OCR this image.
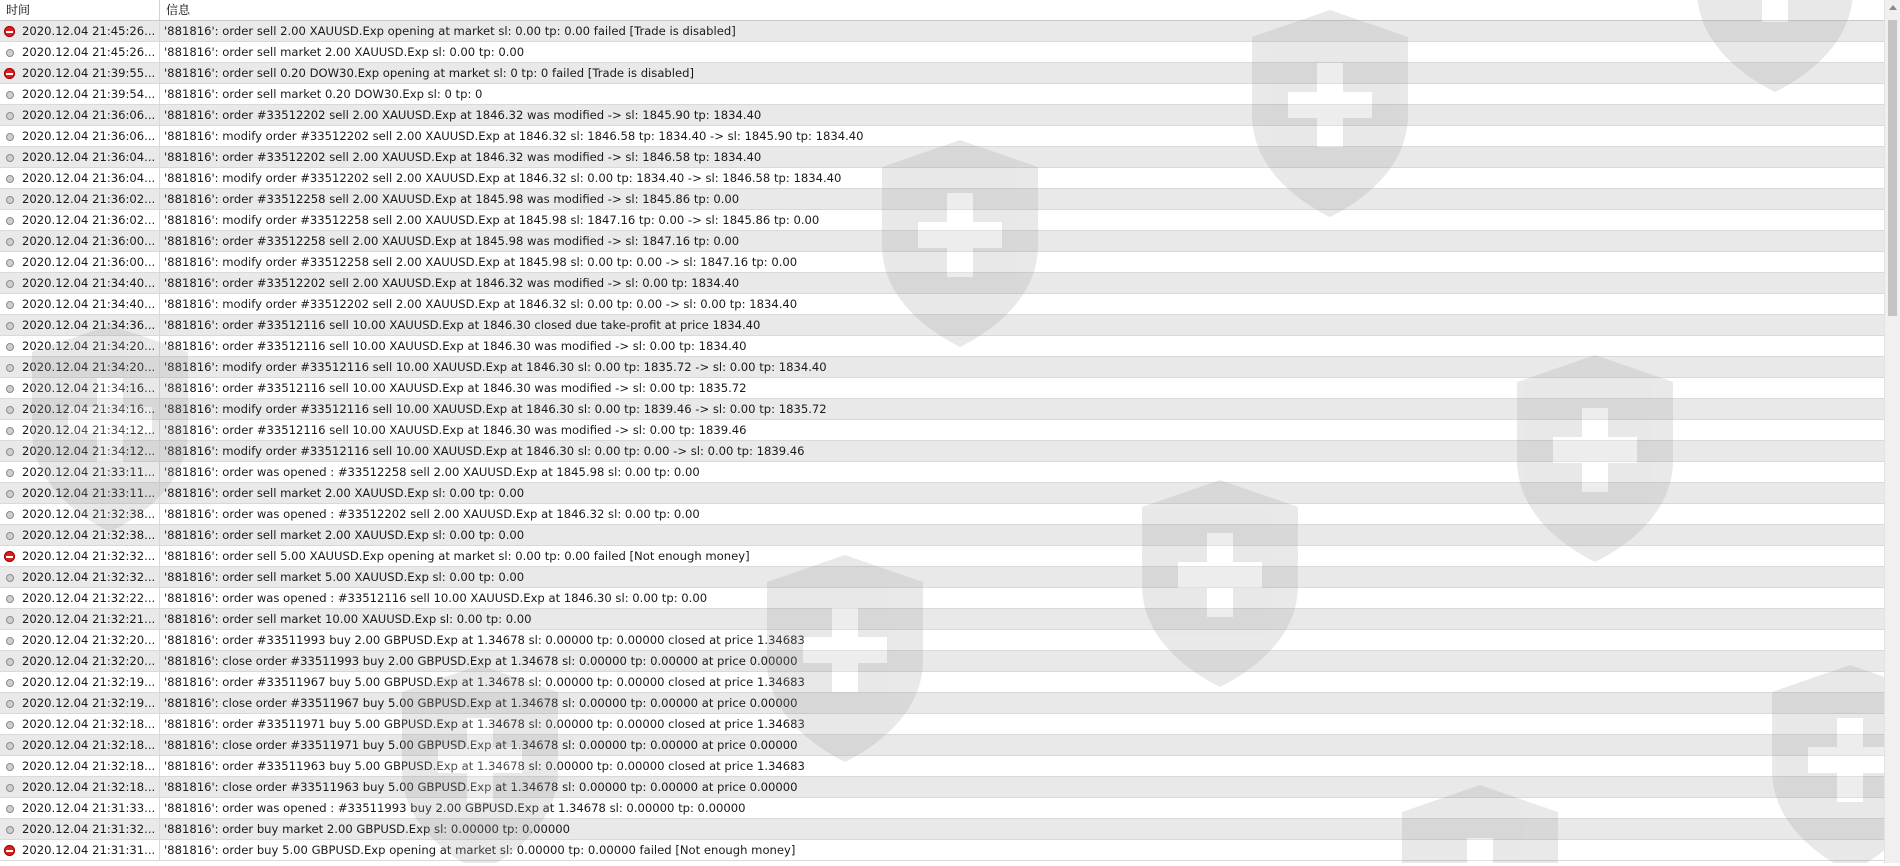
时间	信息
2020.12.04 21:45:26... '881816': order sell 2.00 XAUUSD.Exp opening at market sl: 0.00 tp: 0.00 failed [Trade is disabled]
2020.12.04 21:45:26... '881816': order sell market 2.00 XAUUSD.Exp sl: 0.00 tp: 0.00
2020.12.04 21:39:55... '881816': order sell 0.20 DOW30.Exp opening at market sl: 0 tp: 0 failed [Trade is disabled]
2020.12.04 21:39:54... '881816': order sell market 0.20 DOW30.Exp sl: 0 tp: 0
2020.12.04 21:36:06... '881816': order #33512202 sell 2.00 XAUUSD.Exp at 1846.32 was modified -> sl: 1845.90 tp: 1834.40
2020.12.04 21:36:06... '881816': modify order #33512202 sell 2.00 XAUUSD.Exp at 1846.32 sl: 1846.58 tp: 1834.40 -> sl: 1845.90 tp: 1834.40
2020.12.04 21:36:04... '881816': order #33512202 sell 2.00 XAUUSD.Exp at 1846.32 was modified -> sl: 1846.58 tp: 1834.40
2020.12.04 21:36:04... '881816': modify order #33512202 sell 2.00 XAUUSD.Exp at 1846.32 sl: 0.00 tp: 1834.40 -> sl: 1846.58 tp: 1834.40
2020.12.04 21:36:02... '881816': order #33512258 sell 2.00 XAUUSD.Exp at 1845.98 was modified -> sl: 1845.86 tp: 0.00
2020.12.04 21:36:02... '881816': modify order #33512258 sell 2.00 XAUUSD.Exp at 1845.98 sl: 1847.16 tp: 0.00 -> sl: 1845.86 tp: 0.00
2020.12.04 21:36:00... '881816': order #33512258 sell 2.00 XAUUSD.Exp at 1845.98 was modified -> sl: 1847.16 tp: 0.00
2020.12.04 21:36:00... '881816': modify order #33512258 sell 2.00 XAUUSD.Exp at 1845.98 sl: 0.00 tp: 0.00 -> sl: 1847.16 tp: 0.00
2020.12.04 21:34:40... '881816': order #33512202 sell 2.00 XAUUSD.Exp at 1846.32 was modified -> sl: 0.00 tp: 1834.40
2020.12.04 21:34:40... '881816': modify order #33512202 sell 2.00 XAUUSD.Exp at 1846.32 sl: 0.00 tp: 0.00 -> sl: 0.00 tp: 1834.40
2020.12.04 21:34:36... '881816': order #33512116 sell 10.00 XAUUSD.Exp at 1846.30 closed due take-profit at price 1834.40
2020.12.04 21:34:20... '881816': order #33512116 sell 10.00 XAUUSD.Exp at 1846.30 was modified -> sl: 0.00 tp: 1834.40
2020.12.04 21:34:20... '881816': modify order #33512116 sell 10.00 XAUUSD.Exp at 1846.30 sl: 0.00 tp: 1835.72 -> sl: 0.00 tp: 1834.40
2020.12.04 21:34:16... '881816': order #33512116 sell 10.00 XAUUSD.Exp at 1846.30 was modified -> sl: 0.00 tp: 1835.72
2020.12.04 21:34:16... '881816': modify order #33512116 sell 10.00 XAUUSD.Exp at 1846.30 sl: 0.00 tp: 1839.46 -> sl: 0.00 tp: 1835.72
2020.12.04 21:34:12... '881816': order #33512116 sell 10.00 XAUUSD.Exp at 1846.30 was modified -> sl: 0.00 tp: 1839.46
2020.12.04 21:34:12... '881816': modify order #33512116 sell 10.00 XAUUSD.Exp at 1846.30 sl: 0.00 tp: 0.00 -> sl: 0.00 tp: 1839.46
2020.12.04 21:33:11... '881816': order was opened : #33512258 sell 2.00 XAUUSD.Exp at 1845.98 sl: 0.00 tp: 0.00
2020.12.04 21:33:11... '881816': order sell market 2.00 XAUUSD.Exp sl: 0.00 tp: 0.00
2020.12.04 21:32:38... '881816': order was opened : #33512202 sell 2.00 XAUUSD.Exp at 1846.32 sl: 0.00 tp: 0.00
2020.12.04 21:32:38... '881816': order sell market 2.00 XAUUSD.Exp sl: 0.00 tp: 0.00
2020.12.04 21:32:32... '881816': order sell 5.00 XAUUSD.Exp opening at market sl: 0.00 tp: 0.00 failed [Not enough money]
2020.12.04 21:32:32... '881816': order sell market 5.00 XAUUSD.Exp sl: 0.00 tp: 0.00
2020.12.04 21:32:22... '881816': order was opened : #33512116 sell 10.00 XAUUSD.Exp at 1846.30 sl: 0.00 tp: 0.00
2020.12.04 21:32:21... '881816': order sell market 10.00 XAUUSD.Exp sl: 0.00 tp: 0.00
2020.12.04 21:32:20... '881816': order #33511993 buy 2.00 GBPUSD.Exp at 1.34678 sl: 0.00000 tp: 0.00000 closed at price 1.34683
2020.12.04 21:32:20... '881816': close order #33511993 buy 2.00 GBPUSD.Exp at 1.34678 sl: 0.00000 tp: 0.00000 at price 0.00000
2020.12.04 21:32:19... '881816': order #33511967 buy 5.00 GBPUSD.Exp at 1.34678 sl: 0.00000 tp: 0.00000 closed at price 1.34683
2020.12.04 21:32:19... '881816': close order #33511967 buy 5.00 GBPUSD.Exp at 1.34678 sl: 0.00000 tp: 0.00000 at price 0.00000
2020.12.04 21:32:18... '881816': order #33511971 buy 5.00 GBPUSD.Exp at 1.34678 sl: 0.00000 tp: 0.00000 closed at price 1.34683
2020.12.04 21:32:18... '881816': close order #33511971 buy 5.00 GBPUSD.Exp at 1.34678 sl: 0.00000 tp: 0.00000 at price 0.00000
2020.12.04 21:32:18... '881816': order #33511963 buy 5.00 GBPUSD.Exp at 1.34678 sl: 0.00000 tp: 0.00000 closed at price 1.34683
2020.12.04 21:32:18... '881816': close order #33511963 buy 5.00 GBPUSD.Exp at 1.34678 sl: 0.00000 tp: 0.00000 at price 0.00000
2020.12.04 21:31:33... '881816': order was opened : #33511993 buy 2.00 GBPUSD.Exp at 1.34678 sl: 0.00000 tp: 0.00000
2020.12.04 21:31:32... '881816': order buy market 2.00 GBPUSD.Exp sl: 0.00000 tp: 0.00000
2020.12.04 21:31:31... '881816': order buy 5.00 GBPUSD.Exp opening at market sl: 0.00000 tp: 0.00000 failed [Not enough money]
